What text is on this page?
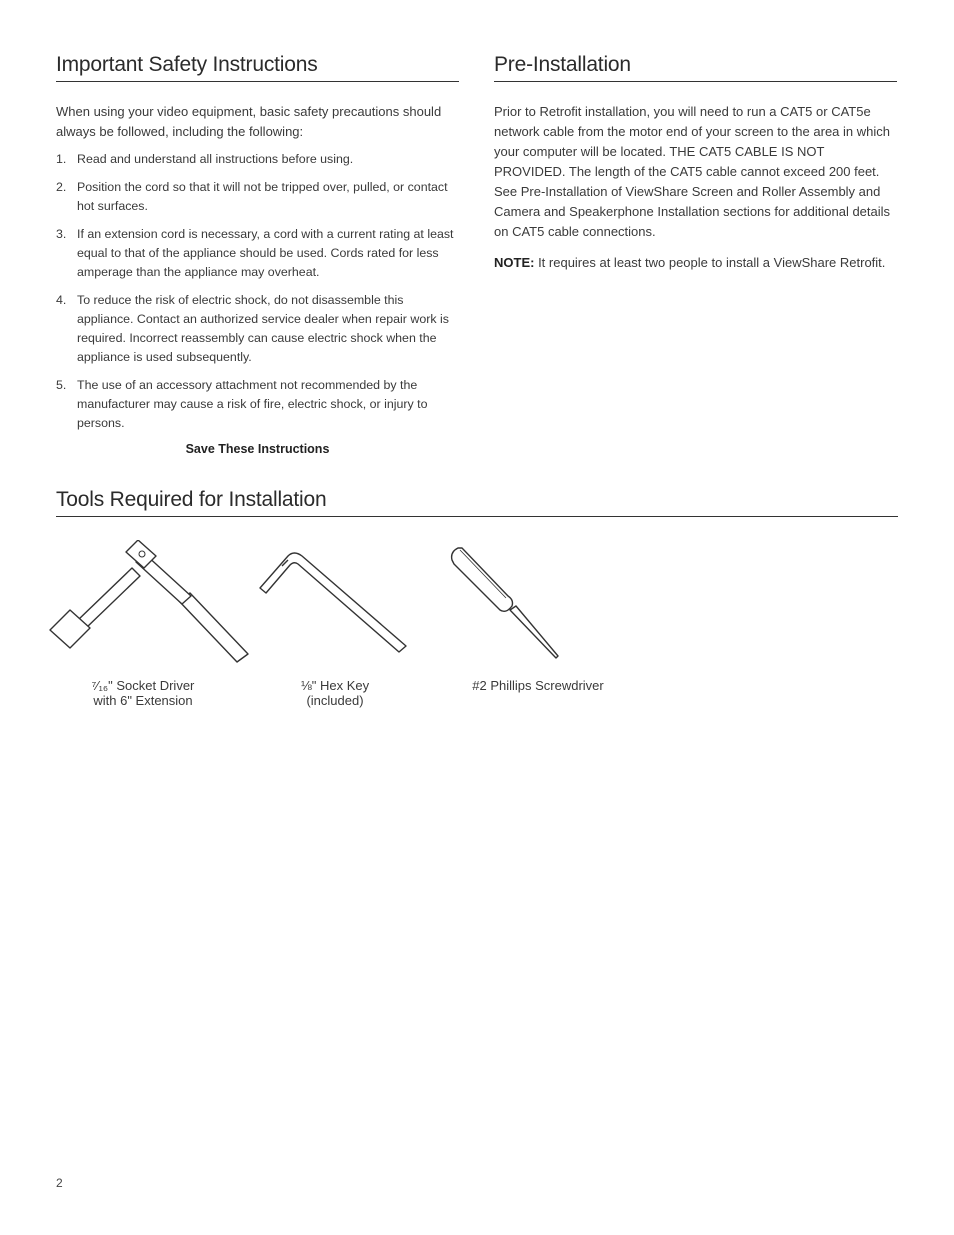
Important Safety Instructions

When using your video equipment, basic safety precautions should always be followed, including the following:

1. Read and understand all instructions before using.
2. Position the cord so that it will not be tripped over, pulled, or contact hot surfaces.
3. If an extension cord is necessary, a cord with a current rating at least equal to that of the appliance should be used. Cords rated for less amperage than the appliance may overheat.
4. To reduce the risk of electric shock, do not disassemble this appliance. Contact an authorized service dealer when repair work is required. Incorrect reassembly can cause electric shock when the appliance is used subsequently.
5. The use of an accessory attachment not recommended by the manufacturer may cause a risk of fire, electric shock, or injury to persons.
Save These Instructions
Pre-Installation

Prior to Retrofit installation, you will need to run a CAT5 or CAT5e network cable from the motor end of your screen to the area in which your computer will be located. THE CAT5 CABLE IS NOT PROVIDED. The length of the CAT5 cable cannot exceed 200 feet. See Pre-Installation of ViewShare Screen and Roller Assembly and Camera and Speakerphone Installation sections for additional details on CAT5 cable connections.

NOTE: It requires at least two people to install a ViewShare Retrofit.

Tools Required for Installation
⁷⁄₁₆" Socket Driver
with 6" Extension
⅛" Hex Key
(included)
#2 Phillips Screwdriver
2
